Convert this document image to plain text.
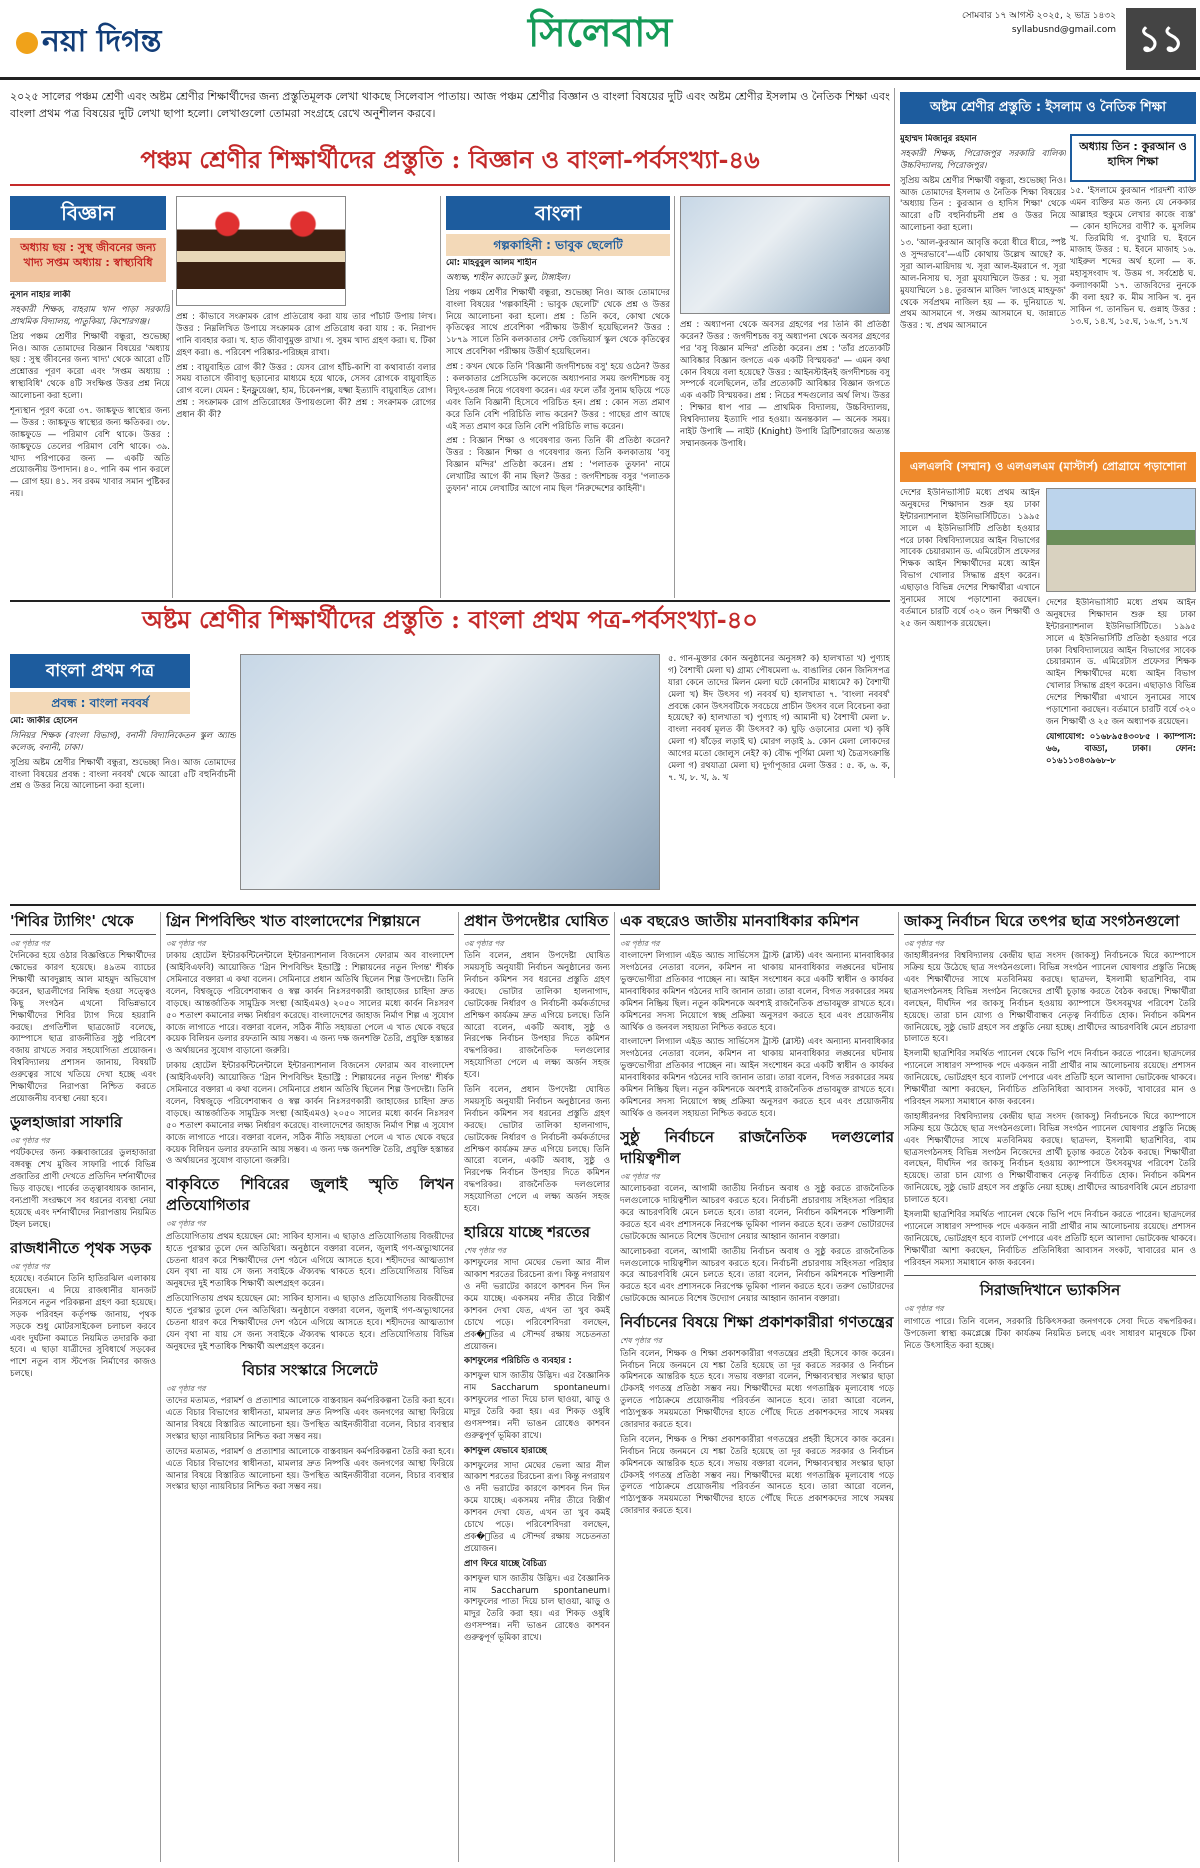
নয়া দিগন্ত	সিলেবাস	সোমবার ১৭ আগস্ট ২০২৫, ২ ভাদ্র ১৪৩২
syllabusnd@gmail.com ১১
২০২৫ সালের পঞ্চম শ্রেণী এবং অষ্টম শ্রেণীর শিক্ষার্থীদের জন্য প্রস্তুতিমূলক লেখা থাকছে সিলেবাস পাতায়। আজ পঞ্চম শ্রেণীর বিজ্ঞান ও বাংলা বিষয়ের দুটি এবং অষ্টম শ্রেণীর ইসলাম ও নৈতিক শিক্ষা এবং বাংলা প্রথম পত্র বিষয়ের দুটি লেখা ছাপা হলো। লেখাগুলো তোমরা সংগ্রহে রেখে অনুশীলন করবে।
পঞ্চম শ্রেণীর শিক্ষার্থীদের প্রস্তুতি : বিজ্ঞান ও বাংলা-পর্বসংখ্যা-৪৬
বিজ্ঞান
অধ্যায় ছয় : সুস্থ জীবনের জন্য খাদ্য সপ্তম অধ্যায় : স্বাস্থ্যবিধি

নুসান নাহার লাকী

সহকারী শিক্ষক, বাহরাম খান পাড়া সরকারি প্রাথমিক বিদ্যালয়, পাতুকিয়া, কিশোরগঞ্জ।

প্রিয় পঞ্চম শ্রেণীর শিক্ষার্থী বন্ধুরা, শুভেচ্ছা নিও। আজ তোমাদের বিজ্ঞান বিষয়ের 'অধ্যায় ছয় : সুস্থ জীবনের জন্য খাদ্য' থেকে আরো ৫টি প্রশ্নোত্তর পূরণ করো এবং 'সপ্তম অধ্যায় : স্বাস্থ্যবিধি' থেকে ৪টি সংক্ষিপ্ত উত্তর প্রশ্ন নিয়ে আলোচনা করা হলো।

শূন্যস্থান পূরণ করো ৩৭. জাঙ্কফুড স্বাস্থ্যের জন্য — উত্তর : জাঙ্কফুড স্বাস্থ্যের জন্য ক্ষতিকর। ৩৮. জাঙ্কফুডে — পরিমাণ বেশি থাকে। উত্তর : জাঙ্কফুডে তেলের পরিমাণ বেশি থাকে। ৩৯. খাদ্য পরিপাকের জন্য — একটি অতি প্রয়োজনীয় উপাদান। ৪০. পানি কম পান করলে — রোগ হয়। ৪১. সব রকম খাবার সমান পুষ্টিকর নয়।

প্রশ্ন : কীভাবে সংক্রামক রোগ প্রতিরোধ করা যায় তার পাঁচটি উপায় লিখ। উত্তর : নিম্নলিখিত উপায়ে সংক্রামক রোগ প্রতিরোধ করা যায় : ক. নিরাপদ পানি ব্যবহার করা। খ. হাত জীবাণুমুক্ত রাখা। গ. সুষম খাদ্য গ্রহণ করা। ঘ. টিকা গ্রহণ করা। ঙ. পরিবেশ পরিষ্কার-পরিচ্ছন্ন রাখা।

প্রশ্ন : বায়ুবাহিত রোগ কী? উত্তর : যেসব রোগ হাঁচি-কাশি বা কথাবার্তা বলার সময় বাতাসে জীবাণু ছড়ানোর মাধ্যমে হয়ে থাকে, সেসব রোগকে বায়ুবাহিত রোগ বলে। যেমন : ইনফ্লুয়েঞ্জা, হাম, চিকেনপক্স, যক্ষ্মা ইত্যাদি বায়ুবাহিত রোগ। প্রশ্ন : সংক্রামক রোগ প্রতিরোধের উপায়গুলো কী? প্রশ্ন : সংক্রামক রোগের প্রধান কী কী?

বাংলা
গল্পকাহিনী : ভাবুক ছেলেটি

মো: মাহবুবুল আলম শাহীন

অধ্যক্ষ, শাহীন ক্যাডেট স্কুল, টাঙ্গাইল।

প্রিয় পঞ্চম শ্রেণীর শিক্ষার্থী বন্ধুরা, শুভেচ্ছা নিও। আজ তোমাদের বাংলা বিষয়ের 'গল্পকাহিনী : ভাবুক ছেলেটি' থেকে প্রশ্ন ও উত্তর নিয়ে আলোচনা করা হলো। প্রশ্ন : তিনি কবে, কোথা থেকে কৃতিত্বের সাথে প্রবেশিকা পরীক্ষায় উত্তীর্ণ হয়েছিলেন? উত্তর : ১৮৭৯ সালে তিনি কলকাতার সেন্ট জেভিয়ার্স স্কুল থেকে কৃতিত্বের সাথে প্রবেশিকা পরীক্ষায় উত্তীর্ণ হয়েছিলেন।

প্রশ্ন : কখন থেকে তিনি 'বিজ্ঞানী জগদীশচন্দ্র বসু' হয়ে ওঠেন? উত্তর : কলকাতার প্রেসিডেন্সি কলেজে অধ্যাপনার সময় জগদীশচন্দ্র বসু বিদ্যুৎ-তরঙ্গ নিয়ে গবেষণা করেন। এর ফলে তাঁর সুনাম ছড়িয়ে পড়ে এবং তিনি বিজ্ঞানী হিসেবে পরিচিত হন। প্রশ্ন : কোন সত্য প্রমাণ করে তিনি বেশি পরিচিতি লাভ করেন? উত্তর : গাছের প্রাণ আছে এই সত্য প্রমাণ করে তিনি বেশি পরিচিতি লাভ করেন।

প্রশ্ন : বিজ্ঞান শিক্ষা ও গবেষণার জন্য তিনি কী প্রতিষ্ঠা করেন? উত্তর : বিজ্ঞান শিক্ষা ও গবেষণার জন্য তিনি কলকাতায় 'বসু বিজ্ঞান মন্দির' প্রতিষ্ঠা করেন। প্রশ্ন : 'পলাতক তুফান' নামে লেখাটির আগে কী নাম ছিল? উত্তর : জগদীশচন্দ্র বসুর 'পলাতক তুফান' নামে লেখাটির আগে নাম ছিল 'নিরুদ্দেশের কাহিনী'।

প্রশ্ন : অধ্যাপনা থেকে অবসর গ্রহণের পর তিনি কী প্রতিষ্ঠা করেন? উত্তর : জগদীশচন্দ্র বসু অধ্যাপনা থেকে অবসর গ্রহণের পর 'বসু বিজ্ঞান মন্দির' প্রতিষ্ঠা করেন। প্রশ্ন : 'তাঁর প্রত্যেকটি আবিষ্কার বিজ্ঞান জগতে এক একটি বিস্ময়কর' — এমন কথা কোন বিষয়ে বলা হয়েছে? উত্তর : আইনস্টাইনই জগদীশচন্দ্র বসু সম্পর্কে বলেছিলেন, তাঁর প্রত্যেকটি আবিষ্কার বিজ্ঞান জগতে এক একটি বিস্ময়কর। প্রশ্ন : নিচের শব্দগুলোর অর্থ লিখ। উত্তর : শিক্ষার ধাপ পার — প্রাথমিক বিদ্যালয়, উচ্চবিদ্যালয়, বিশ্ববিদ্যালয় ইত্যাদি পার হওয়া। অনন্তকাল — অনেক সময়। নাইট উপাধি — নাইট (Knight) উপাধি ব্রিটিশরাজের অত্যন্ত সম্মানজনক উপাধি।

অষ্টম শ্রেণীর প্রস্তুতি : ইসলাম ও নৈতিক শিক্ষা

মুহাম্মদ মিজানুর রহমান

সহকারী শিক্ষক, পিরোজপুর সরকারি বালিকা উচ্চবিদ্যালয়, পিরোজপুর।

সুপ্রিয় অষ্টম শ্রেণীর শিক্ষার্থী বন্ধুরা, শুভেচ্ছা নিও। আজ তোমাদের ইসলাম ও নৈতিক শিক্ষা বিষয়ের 'অধ্যায় তিন : কুরআন ও হাদিস শিক্ষা' থেকে আরো ৫টি বহুনির্বাচনী প্রশ্ন ও উত্তর নিয়ে আলোচনা করা হলো।

১৩. 'আল-কুরআন আবৃত্তি করো ধীরে ধীরে, স্পষ্ট ও সুন্দরভাবে'—এটি কোথায় উল্লেখ আছে? ক. সূরা আল-মায়িদায় খ. সূরা আল-ইমরানে গ. সূরা আল-নিসায় ঘ. সূরা মুযযাম্মিলে উত্তর : ঘ. সূরা মুযযাম্মিলে ১৪. তুরআন মাজিদ 'লাওহে মাহফুজ' থেকে সর্বপ্রথম নাজিল হয় — ক. দুনিয়াতে খ. প্রথম আসমানে গ. সপ্তম আসমানে ঘ. জান্নাতে উত্তর : খ. প্রথম আসমানে

অধ্যায় তিন : কুরআন ও হাদিস শিক্ষা

১৫. 'ইসলামে কুরআন পারদর্শী ব্যক্তি এমন ব্যক্তির মত জন্য যে নেককার আল্লাহর হুকুমে লেখার কাজে ব্যস্ত' — কোন হাদিসের বাণী? ক. মুসলিম খ. তিরমিযি গ. বুখারি ঘ. ইবনে মাজাহ উত্তর : ঘ. ইবনে মাজাহ ১৬. খাইরুল শব্দের অর্থ হলো — ক. মহাসুসংবাদ খ. উত্তম গ. সর্বশ্রেষ্ঠ ঘ. কল্যাণকামী ১৭. তাজবিদের নুনকে কী বলা হয়? ক. মীম সাকিন খ. নুন সাকিন গ. তানভিন ঘ. গুন্নাহ উত্তর : ১৩.ঘ, ১৪.খ, ১৫.ঘ, ১৬.গ, ১৭.খ

এলএলবি (সম্মান) ও এলএলএম (মাস্টার্স) প্রোগ্রামে পড়াশোনা

দেশের ইউনিভার্সিটি মধ্যে প্রথম আইন অনুষদের শিক্ষাদান শুরু হয় ঢাকা ইন্টারন্যাশনাল ইউনিভার্সিটিতে। ১৯৯৫ সালে এ ইউনিভার্সিটি প্রতিষ্ঠা হওয়ার পরে ঢাকা বিশ্ববিদ্যালয়ের আইন বিভাগের সাবেক চেয়ারম্যান ড. এমিরেটাস প্রফেসর শিক্ষক আইন শিক্ষার্থীদের মধ্যে আইন বিভাগ খোলার সিদ্ধান্ত গ্রহণ করেন। এছাড়াও বিভিন্ন দেশের শিক্ষার্থীরা এখানে সুনামের সাথে পড়াশোনা করছেন। বর্তমানে চারটি বর্ষে ৩২০ জন শিক্ষার্থী ও ২৫ জন অধ্যাপক রয়েছেন।

দেশের ইউনিভার্সিটি মধ্যে প্রথম আইন অনুষদের শিক্ষাদান শুরু হয় ঢাকা ইন্টারন্যাশনাল ইউনিভার্সিটিতে। ১৯৯৫ সালে এ ইউনিভার্সিটি প্রতিষ্ঠা হওয়ার পরে ঢাকা বিশ্ববিদ্যালয়ের আইন বিভাগের সাবেক চেয়ারম্যান ড. এমিরেটাস প্রফেসর শিক্ষক আইন শিক্ষার্থীদের মধ্যে আইন বিভাগ খোলার সিদ্ধান্ত গ্রহণ করেন। এছাড়াও বিভিন্ন দেশের শিক্ষার্থীরা এখানে সুনামের সাথে পড়াশোনা করছেন। বর্তমানে চারটি বর্ষে ৩২০ জন শিক্ষার্থী ও ২৫ জন অধ্যাপক রয়েছেন।

যোগাযোগ: ০১৬৮৯৫৪৩০৮৫ । ক্যাম্পাস: ৬৬, বাড্ডা, ঢাকা। ফোন: ০১৬১১৩৪৩৯৬৮-৮

অষ্টম শ্রেণীর শিক্ষার্থীদের প্রস্তুতি : বাংলা প্রথম পত্র-পর্বসংখ্যা-৪০
বাংলা প্রথম পত্র
প্রবন্ধ : বাংলা নববর্ষ

মো: জাকীর হোসেন

সিনিয়র শিক্ষক (বাংলা বিভাগ), বনানী বিদ্যানিকেতন স্কুল অ্যান্ড কলেজ, বনানী, ঢাকা।

সুপ্রিয় অষ্টম শ্রেণীর শিক্ষার্থী বন্ধুরা, শুভেচ্ছা নিও। আজ তোমাদের বাংলা বিষয়ের প্রবন্ধ : বাংলা নববর্ষ' থেকে আরো ৫টি বহুনির্বাচনী প্রশ্ন ও উত্তর নিয়ে আলোচনা করা হলো।

৫. গান-মুক্তার কোন অনুষ্ঠানের অনুসঙ্গ? ক) হালখাতা খ) পুণ্যাহ গ) বৈশাখী মেলা ঘ) গ্রাম্য পৌষমেলা ৬. বাঙালির কোন জিনিসপত্র যারা কেনে তাদের মিলন মেলা ঘটে কোনটির মাধ্যমে? ক) বৈশাখী মেলা খ) ঈদ উৎসব গ) নববর্ষ ঘ) হালখাতা ৭. 'বাংলা নববর্ষ' প্রবন্ধে কোন উৎসবটিকে সবচেয়ে প্রাচীন উৎসব বলে বিবেচনা করা হয়েছে? ক) হালখাতা খ) পুণ্যাহ গ) আমানী ঘ) বৈশাখী মেলা ৮. বাংলা নববর্ষ মূলত কী উৎসব? ক) ঘুড়ি ওড়ানোর মেলা খ) কৃষি মেলা গ) ষাঁড়ের লড়াই ঘ) মোরগ লড়াই ৯. কোন মেলা লোকদের আগের মতো জোলুস নেই? ক) বৌদ্ধ পূর্ণিমা মেলা খ) চৈত্রসংক্রান্তি মেলা গ) রথযাত্রা মেলা ঘ) দুর্গাপূজার মেলা উত্তর : ৫. ক, ৬. ক, ৭. খ, ৮. খ, ৯. খ

'শিবির ট্যাগিং' থেকে
৩য় পৃষ্ঠার পর

দৈনিকের হয়ে ওঠার বিজ্ঞপ্তিতে শিক্ষার্থীদের ক্ষোভের কারণ হয়েছে। ৪৯তম ব্যাচের শিক্ষার্থী আবদুল্লাহ আল মাহমুদ অভিযোগ করেন, ছাত্রলীগের নিষিদ্ধ হওয়া সত্ত্বেও কিছু সংগঠন এখনো বিভিন্নভাবে শিক্ষার্থীদের শিবির ট্যাগ দিয়ে হয়রানি করছে। প্রগতিশীল ছাত্রজোট বলেছে, ক্যাম্পাসে ছাত্র রাজনীতির সুষ্ঠু পরিবেশ বজায় রাখতে সবার সহযোগিতা প্রয়োজন। বিশ্ববিদ্যালয় প্রশাসন জানায়, বিষয়টি গুরুত্বের সাথে খতিয়ে দেখা হচ্ছে এবং শিক্ষার্থীদের নিরাপত্তা নিশ্চিত করতে প্রয়োজনীয় ব্যবস্থা নেয়া হবে।

ডুলহাজারা সাফারি
৩য় পৃষ্ঠার পর

পর্যটকদের জন্য কক্সবাজারের ডুলহাজারা বঙ্গবন্ধু শেখ মুজিব সাফারি পার্কে বিভিন্ন প্রজাতির প্রাণী দেখতে প্রতিদিন দর্শনার্থীদের ভিড় বাড়ছে। পার্কের তত্ত্বাবধায়ক জানান, বন্যপ্রাণী সংরক্ষণে সব ধরনের ব্যবস্থা নেয়া হয়েছে এবং দর্শনার্থীদের নিরাপত্তায় নিয়মিত টহল চলছে।

রাজধানীতে পৃথক সড়ক
৩য় পৃষ্ঠার পর

হয়েছে। বর্তমানে তিনি হাতিরঝিল এলাকায় রয়েছেন। এ নিয়ে রাজধানীর যানজট নিরসনে নতুন পরিকল্পনা গ্রহণ করা হয়েছে। সড়ক পরিবহন কর্তৃপক্ষ জানায়, পৃথক সড়কে শুধু মোটরসাইকেল চলাচল করবে এবং দুর্ঘটনা কমাতে নিয়মিত তদারকি করা হবে। এ ছাড়া যাত্রীদের সুবিধার্থে সড়কের পাশে নতুন বাস স্টপেজ নির্মাণের কাজও চলছে।

গ্রিন শিপবিল্ডিং খাত বাংলাদেশের শিল্পায়নে
৩য় পৃষ্ঠার পর

ঢাকায় হোটেল ইন্টারকন্টিনেন্টালে ইন্টারন্যাশনাল বিজনেস ফোরাম অব বাংলাদেশ (আইবিএফবি) আয়োজিত 'গ্রিন শিপবিল্ডিং ইন্ডাস্ট্রি : শিল্পায়নের নতুন দিগন্ত' শীর্ষক সেমিনারে বক্তারা এ কথা বলেন। সেমিনারে প্রধান অতিথি ছিলেন শিল্প উপদেষ্টা। তিনি বলেন, বিশ্বজুড়ে পরিবেশবান্ধব ও স্বল্প কার্বন নিঃসরণকারী জাহাজের চাহিদা দ্রুত বাড়ছে। আন্তর্জাতিক সামুদ্রিক সংস্থা (আইএমও) ২০৫০ সালের মধ্যে কার্বন নিঃসরণ ৫০ শতাংশ কমানোর লক্ষ্য নির্ধারণ করেছে। বাংলাদেশের জাহাজ নির্মাণ শিল্প এ সুযোগ কাজে লাগাতে পারে। বক্তারা বলেন, সঠিক নীতি সহায়তা পেলে এ খাত থেকে বছরে কয়েক বিলিয়ন ডলার রফতানি আয় সম্ভব। এ জন্য দক্ষ জনশক্তি তৈরি, প্রযুক্তি হস্তান্তর ও অর্থায়নের সুযোগ বাড়ানো জরুরি।

ঢাকায় হোটেল ইন্টারকন্টিনেন্টালে ইন্টারন্যাশনাল বিজনেস ফোরাম অব বাংলাদেশ (আইবিএফবি) আয়োজিত 'গ্রিন শিপবিল্ডিং ইন্ডাস্ট্রি : শিল্পায়নের নতুন দিগন্ত' শীর্ষক সেমিনারে বক্তারা এ কথা বলেন। সেমিনারে প্রধান অতিথি ছিলেন শিল্প উপদেষ্টা। তিনি বলেন, বিশ্বজুড়ে পরিবেশবান্ধব ও স্বল্প কার্বন নিঃসরণকারী জাহাজের চাহিদা দ্রুত বাড়ছে। আন্তর্জাতিক সামুদ্রিক সংস্থা (আইএমও) ২০৫০ সালের মধ্যে কার্বন নিঃসরণ ৫০ শতাংশ কমানোর লক্ষ্য নির্ধারণ করেছে। বাংলাদেশের জাহাজ নির্মাণ শিল্প এ সুযোগ কাজে লাগাতে পারে। বক্তারা বলেন, সঠিক নীতি সহায়তা পেলে এ খাত থেকে বছরে কয়েক বিলিয়ন ডলার রফতানি আয় সম্ভব। এ জন্য দক্ষ জনশক্তি তৈরি, প্রযুক্তি হস্তান্তর ও অর্থায়নের সুযোগ বাড়ানো জরুরি।

বাকৃবিতে শিবিরের জুলাই স্মৃতি লিখন প্রতিযোগিতার
৩য় পৃষ্ঠার পর

প্রতিযোগিতায় প্রথম হয়েছেন মো: সাকিব হাসান। এ ছাড়াও প্রতিযোগিতায় বিজয়ীদের হাতে পুরস্কার তুলে দেন অতিথিরা। অনুষ্ঠানে বক্তারা বলেন, জুলাই গণ-অভ্যুত্থানের চেতনা ধারণ করে শিক্ষার্থীদের দেশ গঠনে এগিয়ে আসতে হবে। শহীদদের আত্মত্যাগ যেন বৃথা না যায় সে জন্য সবাইকে ঐক্যবদ্ধ থাকতে হবে। প্রতিযোগিতায় বিভিন্ন অনুষদের দুই শতাধিক শিক্ষার্থী অংশগ্রহণ করেন।

প্রতিযোগিতায় প্রথম হয়েছেন মো: সাকিব হাসান। এ ছাড়াও প্রতিযোগিতায় বিজয়ীদের হাতে পুরস্কার তুলে দেন অতিথিরা। অনুষ্ঠানে বক্তারা বলেন, জুলাই গণ-অভ্যুত্থানের চেতনা ধারণ করে শিক্ষার্থীদের দেশ গঠনে এগিয়ে আসতে হবে। শহীদদের আত্মত্যাগ যেন বৃথা না যায় সে জন্য সবাইকে ঐক্যবদ্ধ থাকতে হবে। প্রতিযোগিতায় বিভিন্ন অনুষদের দুই শতাধিক শিক্ষার্থী অংশগ্রহণ করেন।

বিচার সংস্কারে সিলেটে
৩য় পৃষ্ঠার পর

তাদের মতামত, পরামর্শ ও প্রত্যাশার আলোকে বাস্তবায়ন কর্মপরিকল্পনা তৈরি করা হবে। এতে বিচার বিভাগের স্বাধীনতা, মামলার দ্রুত নিষ্পত্তি এবং জনগণের আস্থা ফিরিয়ে আনার বিষয়ে বিস্তারিত আলোচনা হয়। উপস্থিত আইনজীবীরা বলেন, বিচার ব্যবস্থার সংস্কার ছাড়া ন্যায়বিচার নিশ্চিত করা সম্ভব নয়।

তাদের মতামত, পরামর্শ ও প্রত্যাশার আলোকে বাস্তবায়ন কর্মপরিকল্পনা তৈরি করা হবে। এতে বিচার বিভাগের স্বাধীনতা, মামলার দ্রুত নিষ্পত্তি এবং জনগণের আস্থা ফিরিয়ে আনার বিষয়ে বিস্তারিত আলোচনা হয়। উপস্থিত আইনজীবীরা বলেন, বিচার ব্যবস্থার সংস্কার ছাড়া ন্যায়বিচার নিশ্চিত করা সম্ভব নয়।

প্রধান উপদেষ্টার ঘোষিত
৩য় পৃষ্ঠার পর

তিনি বলেন, প্রধান উপদেষ্টা ঘোষিত সময়সূচি অনুযায়ী নির্বাচন অনুষ্ঠানের জন্য নির্বাচন কমিশন সব ধরনের প্রস্তুতি গ্রহণ করছে। ভোটার তালিকা হালনাগাদ, ভোটকেন্দ্র নির্ধারণ ও নির্বাচনী কর্মকর্তাদের প্রশিক্ষণ কার্যক্রম দ্রুত এগিয়ে চলছে। তিনি আরো বলেন, একটি অবাধ, সুষ্ঠু ও নিরপেক্ষ নির্বাচন উপহার দিতে কমিশন বদ্ধপরিকর। রাজনৈতিক দলগুলোর সহযোগিতা পেলে এ লক্ষ্য অর্জন সহজ হবে।

তিনি বলেন, প্রধান উপদেষ্টা ঘোষিত সময়সূচি অনুযায়ী নির্বাচন অনুষ্ঠানের জন্য নির্বাচন কমিশন সব ধরনের প্রস্তুতি গ্রহণ করছে। ভোটার তালিকা হালনাগাদ, ভোটকেন্দ্র নির্ধারণ ও নির্বাচনী কর্মকর্তাদের প্রশিক্ষণ কার্যক্রম দ্রুত এগিয়ে চলছে। তিনি আরো বলেন, একটি অবাধ, সুষ্ঠু ও নিরপেক্ষ নির্বাচন উপহার দিতে কমিশন বদ্ধপরিকর। রাজনৈতিক দলগুলোর সহযোগিতা পেলে এ লক্ষ্য অর্জন সহজ হবে।

হারিয়ে যাচ্ছে শরতের
শেষ পৃষ্ঠার পর

কাশফুলের সাদা মেঘের ভেলা আর নীল আকাশ শরতের চিরচেনা রূপ। কিন্তু নগরায়ণ ও নদী ভরাটের কারণে কাশবন দিন দিন কমে যাচ্ছে। একসময় নদীর তীরে বিস্তীর্ণ কাশবন দেখা যেত, এখন তা খুব কমই চোখে পড়ে। পরিবেশবিদরা বলছেন, প্রক�ৃতির এ সৌন্দর্য রক্ষায় সচেতনতা প্রয়োজন।

কাশফুলের পরিচিতি ও ব্যবহার :

কাশফুল ঘাস জাতীয় উদ্ভিদ। এর বৈজ্ঞানিক নাম Saccharum spontaneum। কাশফুলের পাতা দিয়ে চাল ছাওয়া, ঝাড়ু ও মাদুর তৈরি করা হয়। এর শিকড় ওষুধি গুণসম্পন্ন। নদী ভাঙন রোধেও কাশবন গুরুত্বপূর্ণ ভূমিকা রাখে।

কাশফুল যেভাবে হারাচ্ছে

কাশফুলের সাদা মেঘের ভেলা আর নীল আকাশ শরতের চিরচেনা রূপ। কিন্তু নগরায়ণ ও নদী ভরাটের কারণে কাশবন দিন দিন কমে যাচ্ছে। একসময় নদীর তীরে বিস্তীর্ণ কাশবন দেখা যেত, এখন তা খুব কমই চোখে পড়ে। পরিবেশবিদরা বলছেন, প্রক�ৃতির এ সৌন্দর্য রক্ষায় সচেতনতা প্রয়োজন।

প্রাণ ফিরে যাচ্ছে বৈচিত্র্য

কাশফুল ঘাস জাতীয় উদ্ভিদ। এর বৈজ্ঞানিক নাম Saccharum spontaneum। কাশফুলের পাতা দিয়ে চাল ছাওয়া, ঝাড়ু ও মাদুর তৈরি করা হয়। এর শিকড় ওষুধি গুণসম্পন্ন। নদী ভাঙন রোধেও কাশবন গুরুত্বপূর্ণ ভূমিকা রাখে।

এক বছরেও জাতীয় মানবাধিকার কমিশন
৩য় পৃষ্ঠার পর

বাংলাদেশ লিগ্যাল এইড অ্যান্ড সার্ভিসেস ট্রাস্ট (ব্লাস্ট) এবং অন্যান্য মানবাধিকার সংগঠনের নেতারা বলেন, কমিশন না থাকায় মানবাধিকার লঙ্ঘনের ঘটনায় ভুক্তভোগীরা প্রতিকার পাচ্ছেন না। আইন সংশোধন করে একটি স্বাধীন ও কার্যকর মানবাধিকার কমিশন গঠনের দাবি জানান তারা। তারা বলেন, বিগত সরকারের সময় কমিশন নিষ্ক্রিয় ছিল। নতুন কমিশনকে অবশ্যই রাজনৈতিক প্রভাবমুক্ত রাখতে হবে। কমিশনের সদস্য নিয়োগে স্বচ্ছ প্রক্রিয়া অনুসরণ করতে হবে এবং প্রয়োজনীয় আর্থিক ও জনবল সহায়তা নিশ্চিত করতে হবে।

বাংলাদেশ লিগ্যাল এইড অ্যান্ড সার্ভিসেস ট্রাস্ট (ব্লাস্ট) এবং অন্যান্য মানবাধিকার সংগঠনের নেতারা বলেন, কমিশন না থাকায় মানবাধিকার লঙ্ঘনের ঘটনায় ভুক্তভোগীরা প্রতিকার পাচ্ছেন না। আইন সংশোধন করে একটি স্বাধীন ও কার্যকর মানবাধিকার কমিশন গঠনের দাবি জানান তারা। তারা বলেন, বিগত সরকারের সময় কমিশন নিষ্ক্রিয় ছিল। নতুন কমিশনকে অবশ্যই রাজনৈতিক প্রভাবমুক্ত রাখতে হবে। কমিশনের সদস্য নিয়োগে স্বচ্ছ প্রক্রিয়া অনুসরণ করতে হবে এবং প্রয়োজনীয় আর্থিক ও জনবল সহায়তা নিশ্চিত করতে হবে।

সুষ্ঠু নির্বাচনে রাজনৈতিক দলগুলোর দায়িত্বশীল
৩য় পৃষ্ঠার পর

আলোচকরা বলেন, আগামী জাতীয় নির্বাচন অবাধ ও সুষ্ঠু করতে রাজনৈতিক দলগুলোকে দায়িত্বশীল আচরণ করতে হবে। নির্বাচনী প্রচারণায় সহিংসতা পরিহার করে আচরণবিধি মেনে চলতে হবে। তারা বলেন, নির্বাচন কমিশনকে শক্তিশালী করতে হবে এবং প্রশাসনকে নিরপেক্ষ ভূমিকা পালন করতে হবে। তরুণ ভোটারদের ভোটকেন্দ্রে আনতে বিশেষ উদ্যোগ নেয়ার আহ্বান জানান বক্তারা।

আলোচকরা বলেন, আগামী জাতীয় নির্বাচন অবাধ ও সুষ্ঠু করতে রাজনৈতিক দলগুলোকে দায়িত্বশীল আচরণ করতে হবে। নির্বাচনী প্রচারণায় সহিংসতা পরিহার করে আচরণবিধি মেনে চলতে হবে। তারা বলেন, নির্বাচন কমিশনকে শক্তিশালী করতে হবে এবং প্রশাসনকে নিরপেক্ষ ভূমিকা পালন করতে হবে। তরুণ ভোটারদের ভোটকেন্দ্রে আনতে বিশেষ উদ্যোগ নেয়ার আহ্বান জানান বক্তারা।

নির্বাচনের বিষয়ে শিক্ষা প্রকাশকারীরা গণতন্ত্রের
শেষ পৃষ্ঠার পর

তিনি বলেন, শিক্ষক ও শিক্ষা প্রকাশকারীরা গণতন্ত্রের প্রহরী হিসেবে কাজ করেন। নির্বাচন নিয়ে জনমনে যে শঙ্কা তৈরি হয়েছে তা দূর করতে সরকার ও নির্বাচন কমিশনকে আন্তরিক হতে হবে। সভায় বক্তারা বলেন, শিক্ষাব্যবস্থার সংস্কার ছাড়া টেকসই গণতন্ত্র প্রতিষ্ঠা সম্ভব নয়। শিক্ষার্থীদের মধ্যে গণতান্ত্রিক মূল্যবোধ গড়ে তুলতে পাঠ্যক্রমে প্রয়োজনীয় পরিবর্তন আনতে হবে। তারা আরো বলেন, পাঠ্যপুস্তক সময়মতো শিক্ষার্থীদের হাতে পৌঁছে দিতে প্রকাশকদের সাথে সমন্বয় জোরদার করতে হবে।

তিনি বলেন, শিক্ষক ও শিক্ষা প্রকাশকারীরা গণতন্ত্রের প্রহরী হিসেবে কাজ করেন। নির্বাচন নিয়ে জনমনে যে শঙ্কা তৈরি হয়েছে তা দূর করতে সরকার ও নির্বাচন কমিশনকে আন্তরিক হতে হবে। সভায় বক্তারা বলেন, শিক্ষাব্যবস্থার সংস্কার ছাড়া টেকসই গণতন্ত্র প্রতিষ্ঠা সম্ভব নয়। শিক্ষার্থীদের মধ্যে গণতান্ত্রিক মূল্যবোধ গড়ে তুলতে পাঠ্যক্রমে প্রয়োজনীয় পরিবর্তন আনতে হবে। তারা আরো বলেন, পাঠ্যপুস্তক সময়মতো শিক্ষার্থীদের হাতে পৌঁছে দিতে প্রকাশকদের সাথে সমন্বয় জোরদার করতে হবে।

জাকসু নির্বাচন ঘিরে তৎপর ছাত্র সংগঠনগুলো
৩য় পৃষ্ঠার পর

জাহাঙ্গীরনগর বিশ্ববিদ্যালয় কেন্দ্রীয় ছাত্র সংসদ (জাকসু) নির্বাচনকে ঘিরে ক্যাম্পাসে সক্রিয় হয়ে উঠেছে ছাত্র সংগঠনগুলো। বিভিন্ন সংগঠন প্যানেল ঘোষণার প্রস্তুতি নিচ্ছে এবং শিক্ষার্থীদের সাথে মতবিনিময় করছে। ছাত্রদল, ইসলামী ছাত্রশিবির, বাম ছাত্রসংগঠনসহ বিভিন্ন সংগঠন নিজেদের প্রার্থী চূড়ান্ত করতে বৈঠক করছে। শিক্ষার্থীরা বলছেন, দীর্ঘদিন পর জাকসু নির্বাচন হওয়ায় ক্যাম্পাসে উৎসবমুখর পরিবেশ তৈরি হয়েছে। তারা চান যোগ্য ও শিক্ষার্থীবান্ধব নেতৃত্ব নির্বাচিত হোক। নির্বাচন কমিশন জানিয়েছে, সুষ্ঠু ভোট গ্রহণে সব প্রস্তুতি নেয়া হচ্ছে। প্রার্থীদের আচরণবিধি মেনে প্রচারণা চালাতে হবে।

ইসলামী ছাত্রশিবির সমর্থিত প্যানেল থেকে ভিপি পদে নির্বাচন করতে পারেন। ছাত্রদলের প্যানেলে সাধারণ সম্পাদক পদে একজন নারী প্রার্থীর নাম আলোচনায় রয়েছে। প্রশাসন জানিয়েছে, ভোটগ্রহণ হবে ব্যালট পেপারে এবং প্রতিটি হলে আলাদা ভোটকেন্দ্র থাকবে। শিক্ষার্থীরা আশা করছেন, নির্বাচিত প্রতিনিধিরা আবাসন সংকট, খাবারের মান ও পরিবহন সমস্যা সমাধানে কাজ করবেন।

জাহাঙ্গীরনগর বিশ্ববিদ্যালয় কেন্দ্রীয় ছাত্র সংসদ (জাকসু) নির্বাচনকে ঘিরে ক্যাম্পাসে সক্রিয় হয়ে উঠেছে ছাত্র সংগঠনগুলো। বিভিন্ন সংগঠন প্যানেল ঘোষণার প্রস্তুতি নিচ্ছে এবং শিক্ষার্থীদের সাথে মতবিনিময় করছে। ছাত্রদল, ইসলামী ছাত্রশিবির, বাম ছাত্রসংগঠনসহ বিভিন্ন সংগঠন নিজেদের প্রার্থী চূড়ান্ত করতে বৈঠক করছে। শিক্ষার্থীরা বলছেন, দীর্ঘদিন পর জাকসু নির্বাচন হওয়ায় ক্যাম্পাসে উৎসবমুখর পরিবেশ তৈরি হয়েছে। তারা চান যোগ্য ও শিক্ষার্থীবান্ধব নেতৃত্ব নির্বাচিত হোক। নির্বাচন কমিশন জানিয়েছে, সুষ্ঠু ভোট গ্রহণে সব প্রস্তুতি নেয়া হচ্ছে। প্রার্থীদের আচরণবিধি মেনে প্রচারণা চালাতে হবে।

ইসলামী ছাত্রশিবির সমর্থিত প্যানেল থেকে ভিপি পদে নির্বাচন করতে পারেন। ছাত্রদলের প্যানেলে সাধারণ সম্পাদক পদে একজন নারী প্রার্থীর নাম আলোচনায় রয়েছে। প্রশাসন জানিয়েছে, ভোটগ্রহণ হবে ব্যালট পেপারে এবং প্রতিটি হলে আলাদা ভোটকেন্দ্র থাকবে। শিক্ষার্থীরা আশা করছেন, নির্বাচিত প্রতিনিধিরা আবাসন সংকট, খাবারের মান ও পরিবহন সমস্যা সমাধানে কাজ করবেন।

সিরাজদিখানে ভ্যাকসিন
৩য় পৃষ্ঠার পর

লাগাতে পারে। তিনি বলেন, সরকারি চিকিৎসকরা জনগণকে সেবা দিতে বদ্ধপরিকর। উপজেলা স্বাস্থ্য কমপ্লেক্সে টিকা কার্যক্রম নিয়মিত চলছে এবং সাধারণ মানুষকে টিকা নিতে উৎসাহিত করা হচ্ছে।
